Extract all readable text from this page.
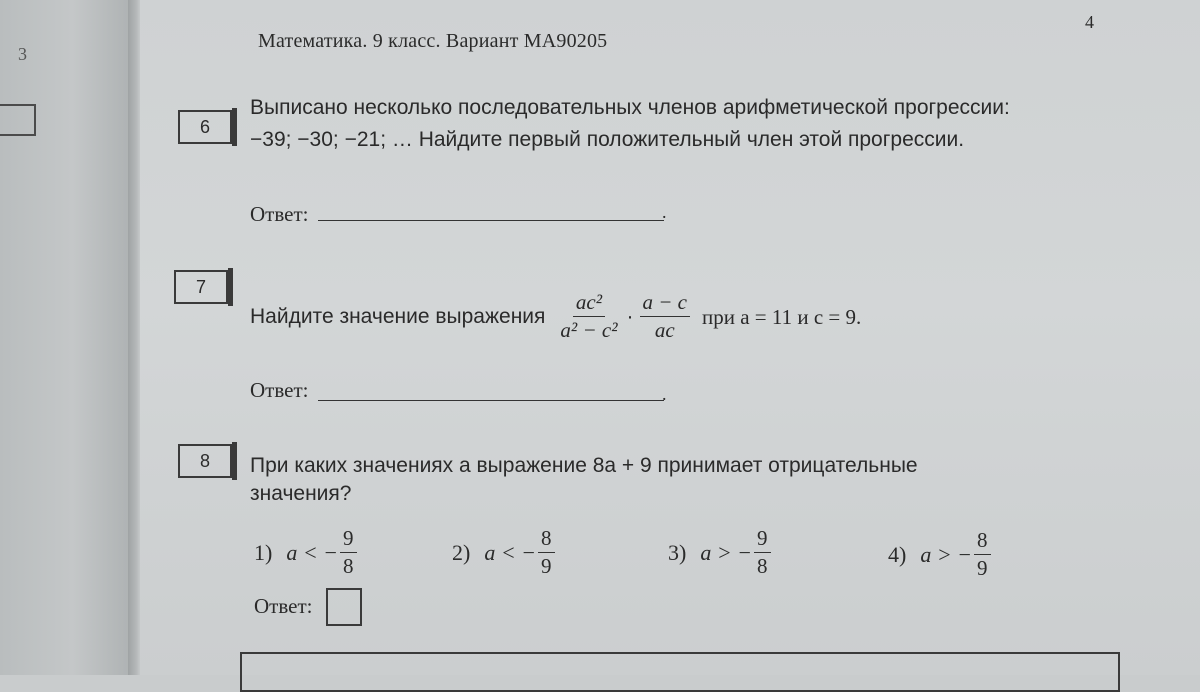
3
4
Математика. 9 класс. Вариант МА90205
6
Выписано несколько последовательных членов арифметической прогрессии:
−39; −30; −21; … Найдите первый положительный член этой прогрессии.
Ответ:	.
7
Найдите значение выражения $\frac{\text{ac²}}{\text{a² − c²}} \cdot \frac{a - c}{ac}$ при a = 11 и c = 9.
Ответ:	.
8	При каких значениях a выражение 8a + 9 принимает отрицательные
значения?
1) a < − $\frac{9}{8}$	2) a < − $\frac{8}{9}$	3) a > − $\frac{9}{8}$	4) a > − $\frac{8}{9}$
Ответ:
